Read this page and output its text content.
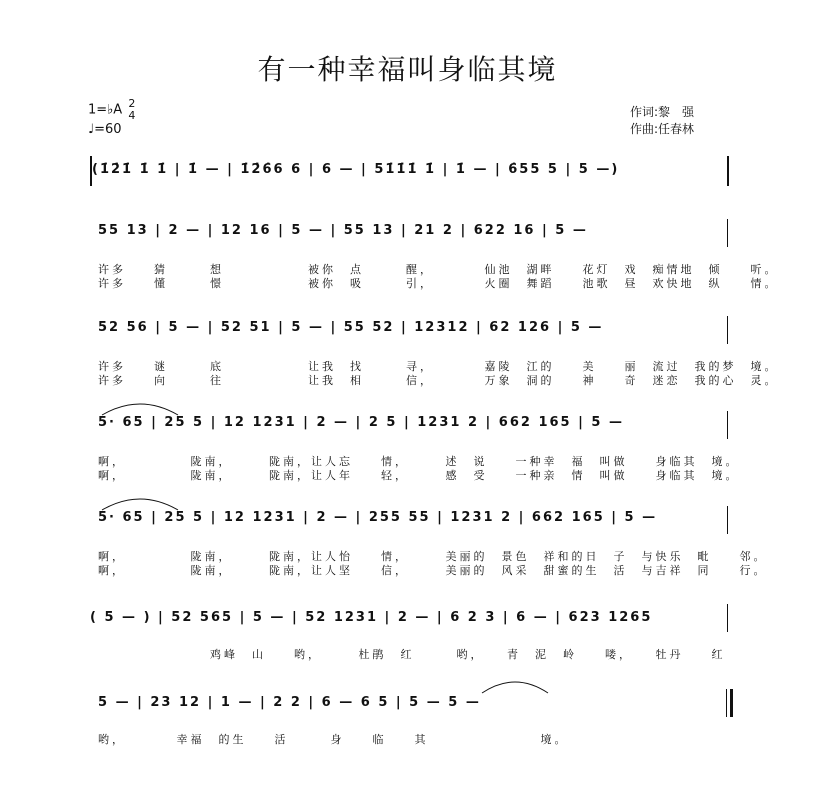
有一种幸福叫身临其境
1=♭A 2
4
♩=60
作词:黎　强
作曲:任春林
(1̇2̇1̇ 1̇ 1̇ | 1̇ — | 1̇2̇6̇6 6 | 6 — | 51̇1̇1̇ 1̇ | 1̇ — | 6̇55 5 | 5 —)
55 13 | 2 — | 12 16 | 5 — | 55 13 | 21 2 | 622 16 | 5 —
许多　　猜　　　想　　　　　　被你　点　　　醒，　　　　仙池　湖畔　　花灯　戏　痴情地　倾　　听。
许多　　懂　　　憬　　　　　　被你　吸　　　引，　　　　火圈　舞蹈　　池歌　昼　欢快地　纵　　情。
52 56 | 5 — | 52 51 | 5 — | 55 52 | 12312 | 62 126 | 5 —
许多　　谜　　　底　　　　　　让我　找　　　寻，　　　　嘉陵　江的　　美　　丽　流过　我的梦　境。
许多　　向　　　往　　　　　　让我　相　　　信，　　　　万象　洞的　　神　　奇　迷恋　我的心　灵。
5· 65 | 25 5 | 12 1231 | 2 — | 2 5 | 1231 2 | 662 165 | 5 —
啊，　　　　　陇南，　　　陇南，让人忘　　情，　　　述　说　　一种幸　福　叫做　　身临其　境。
啊，　　　　　陇南，　　　陇南，让人年　　轻，　　　感　受　　一种亲　情　叫做　　身临其　境。
5· 65 | 25 5 | 12 1231 | 2 — | 255 55 | 1231 2 | 662 165 | 5 —
啊，　　　　　陇南，　　　陇南，让人怡　　情，　　　美丽的　景色　祥和的日　子　与快乐　毗　　邻。
啊，　　　　　陇南，　　　陇南，让人坚　　信，　　　美丽的　风采　甜蜜的生　活　与吉祥　同　　行。
( 5 — ) | 52 565 | 5 — | 52 1231 | 2 — | 6 2 3 | 6 — | 623 1265
　　　　　　　　鸡峰　山　　哟，　　　杜鹃　红　　　哟，　　青　泥　岭　　喽，　　牡丹　　红
5 — | 23 12 | 1 — | 2 2 | 6 — 6 5 | 5 — 5 —
哟，　　　　幸福　的生　　活　　　身　　临　　其　　　　　　　　境。
